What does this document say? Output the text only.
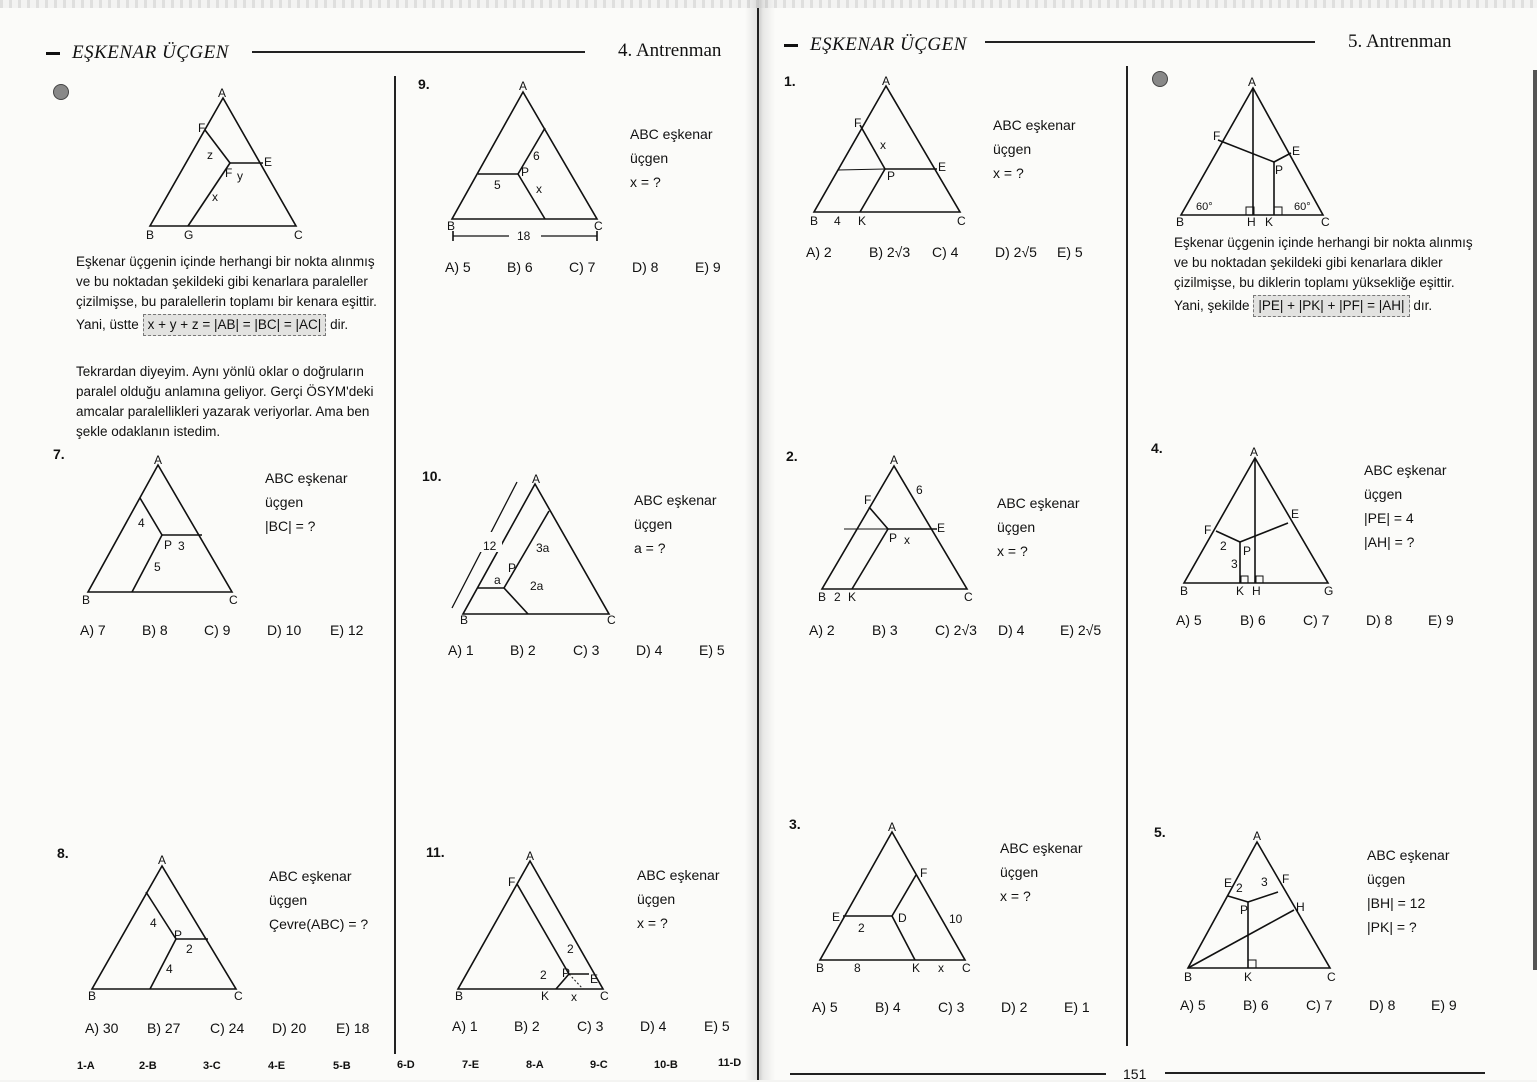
EŞKENAR ÜÇGEN	4. Antrenman
A
F
E
F
z
y
x
B G	C
Eşkenar üçgenin içinde herhangi bir nokta alınmış
ve bu noktadan şekildeki gibi kenarlara paraleller
çizilmişse, bu paralellerin toplamı bir kenara eşittir.
Yani, üstte x + y + z = |AB| = |BC| = |AC| dir.
Tekrardan diyeyim. Aynı yönlü oklar o doğruların
paralel olduğu anlamına geliyor. Gerçi ÖSYM'deki
amcalar paralellikleri yazarak veriyorlar. Ama ben
şekle odaklanın istedim.
7.	A
4
P 3
5
B	C
ABC eşkenar
üçgen
|BC| = ?
A) 7	B) 8	C) 9	D) 10	E) 12
8.	A
4
P
2
4
B	C
ABC eşkenar
üçgen
Çevre(ABC) = ?
A) 30	B) 27	C) 24	D) 20	E) 18
9.	A
6
P
5	x
B	C
18
ABC eşkenar
üçgen
x = ?
A) 5	B) 6	C) 7	D) 8	E) 9
10.	A
12	3a
P
a 2a
B	C
ABC eşkenar
üçgen
a = ?
A) 1	B) 2	C) 3	D) 4	E) 5
11.	A
F
E
P
2
2
B	K x C
ABC eşkenar
üçgen
x = ?
A) 1	B) 2	C) 3	D) 4	E) 5
1-A	2-B	3-C	4-E	5-B	6-D	7-E	8-A	9-C	10-B	11-D
EŞKENAR ÜÇGEN	5. Antrenman
1.	A
F
x
E
P
B 4 K	C
ABC eşkenar
üçgen
x = ?
A) 2	B) 2√3	C) 4	D) 2√5	E) 5
2.	A
6
F
E
P x
B 2 K	C
ABC eşkenar
üçgen
x = ?
A) 2	B) 3	C) 2√3	D) 4	E) 2√5
3.	A
F
E	D	10
2
B 8	K x C
ABC eşkenar
üçgen
x = ?
A) 5	B) 4	C) 3	D) 2	E) 1
A
F
E
P
B	H K	C
60°	60°
Eşkenar üçgenin içinde herhangi bir nokta alınmış
ve bu noktadan şekildeki gibi kenarlara dikler
çizilmişse, bu diklerin toplamı yüksekliğe eşittir.
Yani, şekilde |PE| + |PK| + |PF| = |AH| dır.
4.	A
F
E
2 P
3
B	K H	G
ABC eşkenar
üçgen
|PE| = 4
|AH| = ?
A) 5	B) 6	C) 7	D) 8	E) 9
5.	A
E 2 3 F
P	H
B	K	C
ABC eşkenar
üçgen
|BH| = 12
|PK| = ?
A) 5	B) 6	C) 7	D) 8	E) 9
151
